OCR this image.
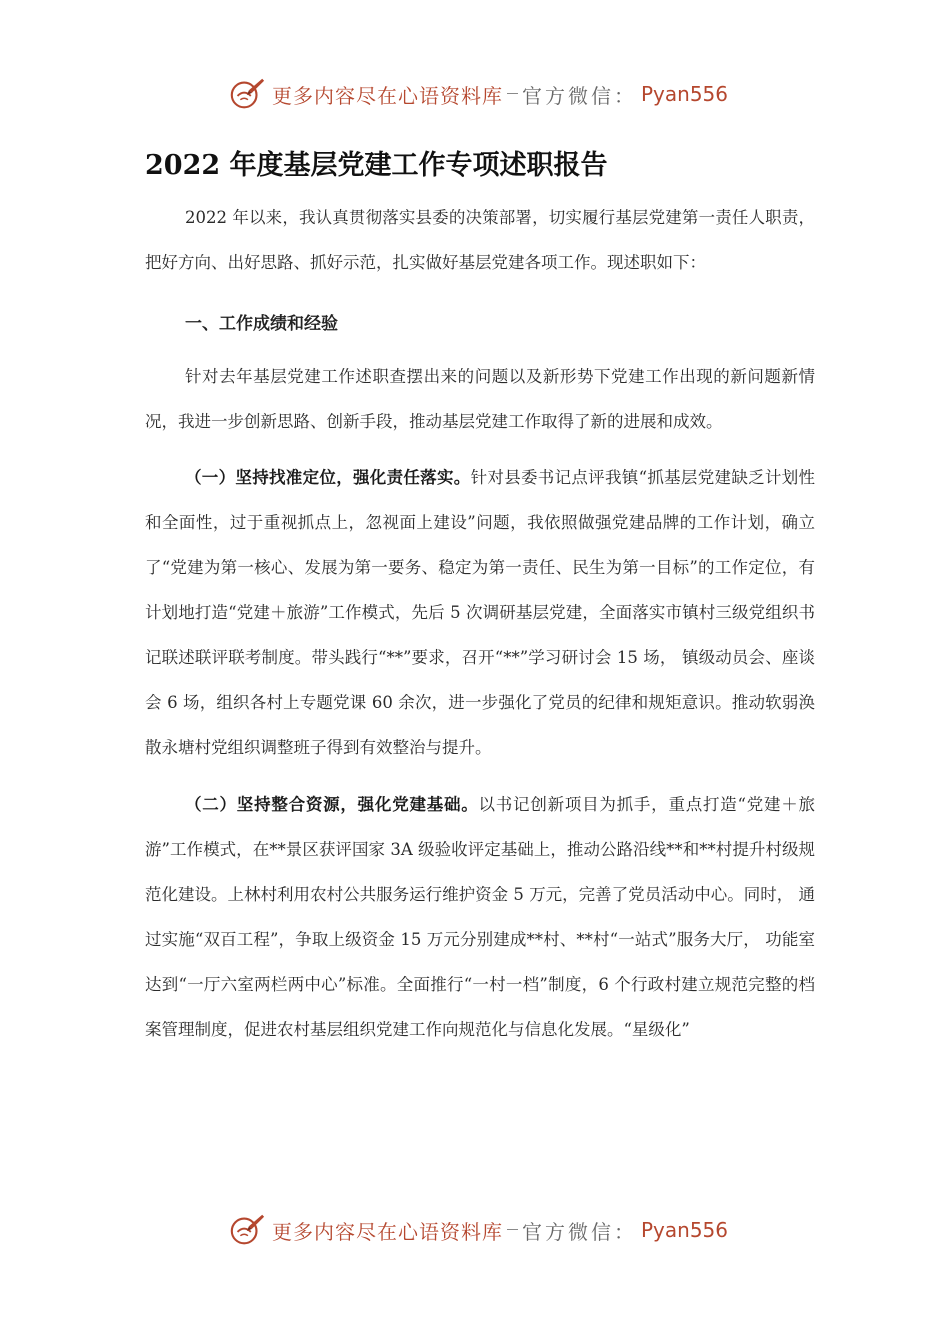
更多内容尽在心语资料库 官方微信： Pyan556
2022 年度基层党建工作专项述职报告
2022 年以来，我认真贯彻落实县委的决策部署，切实履行基层党建第一责任人职责，把好方向、出好思路、抓好示范，扎实做好基层党建各项工作。现述职如下：
一、工作成绩和经验
针对去年基层党建工作述职查摆出来的问题以及新形势下党建工作出现的新问题新情况，我进一步创新思路、创新手段，推动基层党建工作取得了新的进展和成效。
（一）坚持找准定位，强化责任落实。针对县委书记点评我镇“抓基层党建缺乏计划性和全面性，过于重视抓点上，忽视面上建设”问题，我依照做强党建品牌的工作计划，确立了“党建为第一核心、发展为第一要务、稳定为第一责任、民生为第一目标”的工作定位，有计划地打造“党建＋旅游”工作模式，先后 5 次调研基层党建，全面落实市镇村三级党组织书记联述联评联考制度。带头践行“**”要求，召开“**”学习研讨会 15 场， 镇级动员会、座谈会 6 场，组织各村上专题党课 60 余次，进一步强化了党员的纪律和规矩意识。推动软弱涣散永塘村党组织调整班子得到有效整治与提升。
（二）坚持整合资源，强化党建基础。以书记创新项目为抓手，重点打造“党建＋旅游”工作模式，在**景区获评国家 3A 级验收评定基础上，推动公路沿线**和**村提升村级规范化建设。上林村利用农村公共服务运行维护资金 5 万元，完善了党员活动中心。同时， 通过实施“双百工程”，争取上级资金 15 万元分别建成**村、**村“一站式”服务大厅， 功能室达到“一厅六室两栏两中心”标准。全面推行“一村一档”制度，6 个行政村建立规范完整的档案管理制度，促进农村基层组织党建工作向规范化与信息化发展。“星级化”
更多内容尽在心语资料库 官方微信： Pyan556
